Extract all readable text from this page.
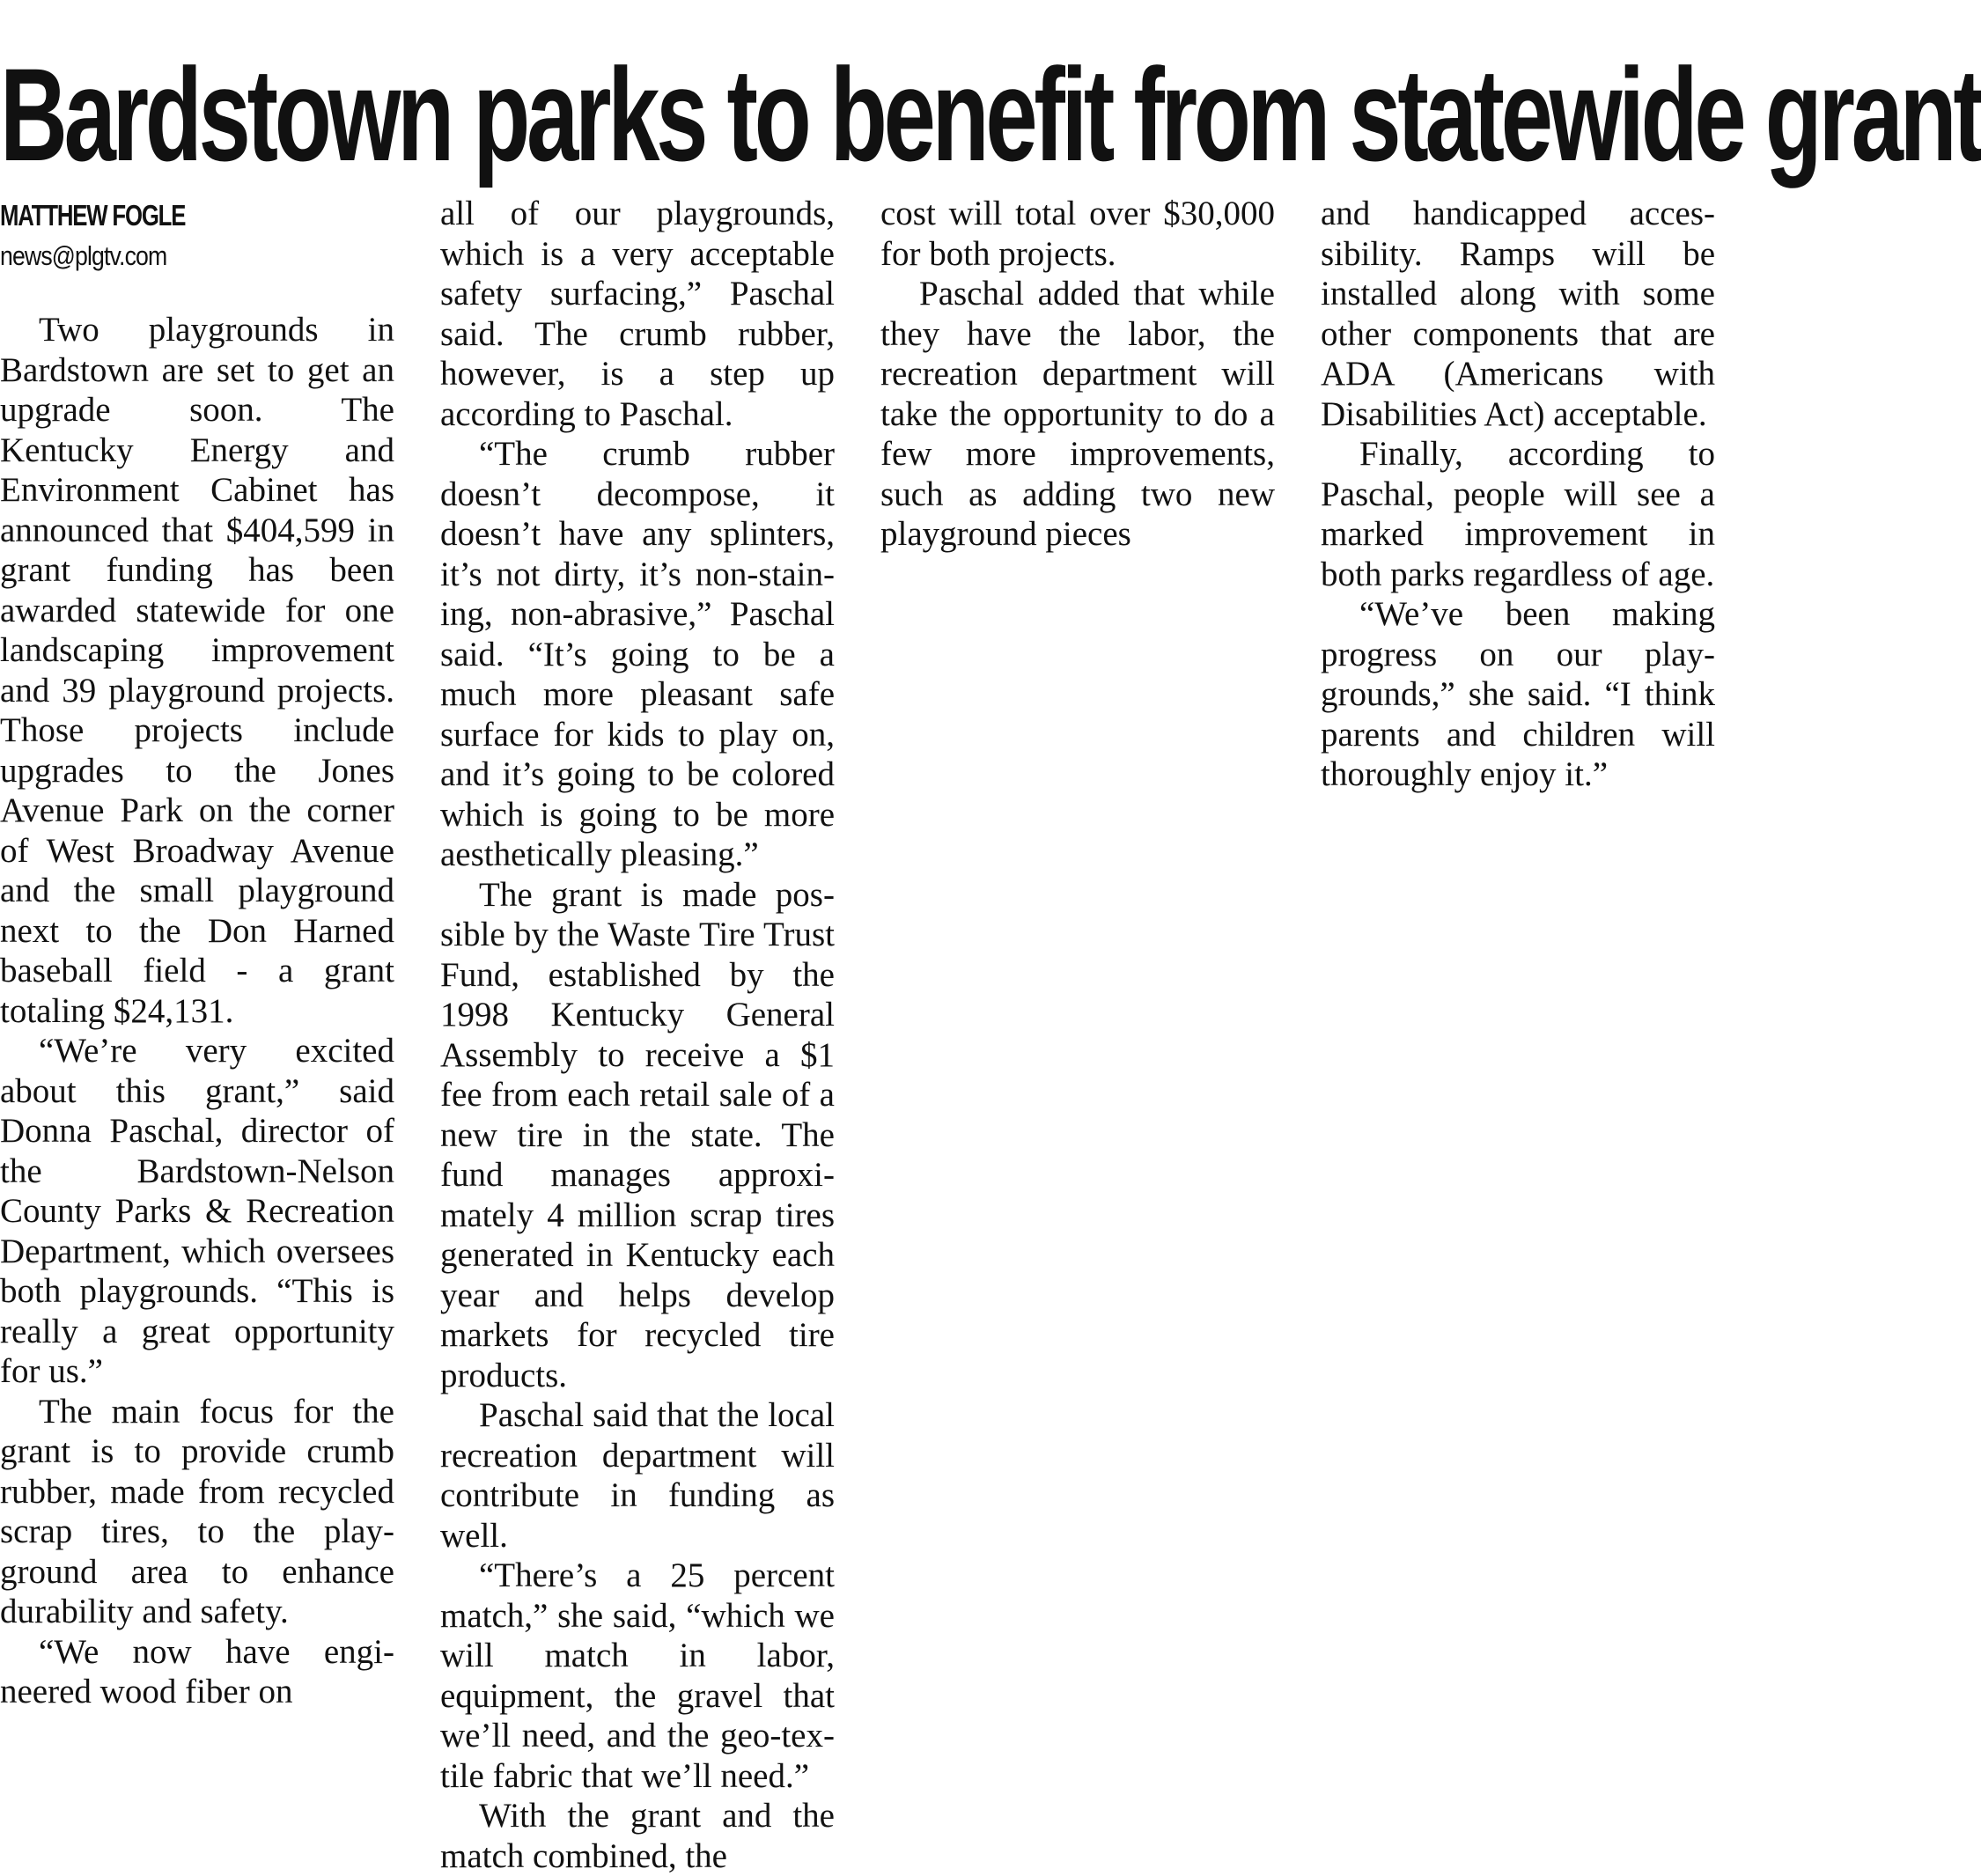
Bardstown parks to benefit from statewide grant
MATTHEW FOGLE
news@plgtv.com

Two playgrounds in Bardstown are set to get an upgrade soon. The Kentucky Energy and Environment Cabinet has announced that $404,599 in grant funding has been awarded statewide for one landscaping improvement and 39 playground projects. Those projects include upgrades to the Jones Avenue Park on the corner of West Broadway Avenue and the small playground next to the Don Harned baseball field - a grant totaling $24,131.

“We’re very excited about this grant,” said Donna Paschal, director of the Bardstown-Nelson County Parks & Recreation Department, which oversees both playgrounds. “This is really a great opportunity for us.”

The main focus for the grant is to provide crumb rubber, made from recycled scrap tires, to the playground area to enhance durability and safety.

“We now have engineered wood fiber on

all of our playgrounds, which is a very acceptable safety surfacing,” Paschal said. The crumb rubber, however, is a step up according to Paschal.

“The crumb rubber doesn’t decompose, it doesn’t have any splinters, it’s not dirty, it’s non-staining, non-abrasive,” Paschal said. “It’s going to be a much more pleasant safe surface for kids to play on, and it’s going to be colored which is going to be more aesthetically pleasing.”

The grant is made possible by the Waste Tire Trust Fund, established by the 1998 Kentucky General Assembly to receive a $1 fee from each retail sale of a new tire in the state. The fund manages approximately 4 million scrap tires generated in Kentucky each year and helps develop markets for recycled tire products.

Paschal said that the local recreation department will contribute in funding as well.

“There’s a 25 percent match,” she said, “which we will match in labor, equipment, the gravel that we’ll need, and the geo-textile fabric that we’ll need.”

With the grant and the match combined, the

cost will total over $30,000 for both projects.

Paschal added that while they have the labor, the recreation department will take the opportunity to do a few more improvements, such as adding two new playground pieces

and handicapped accessibility. Ramps will be installed along with some other components that are ADA (Americans with Disabilities Act) acceptable.

Finally, according to Paschal, people will see a marked improvement in both parks regardless of age.

“We’ve been making progress on our playgrounds,” she said. “I think parents and children will thoroughly enjoy it.”
